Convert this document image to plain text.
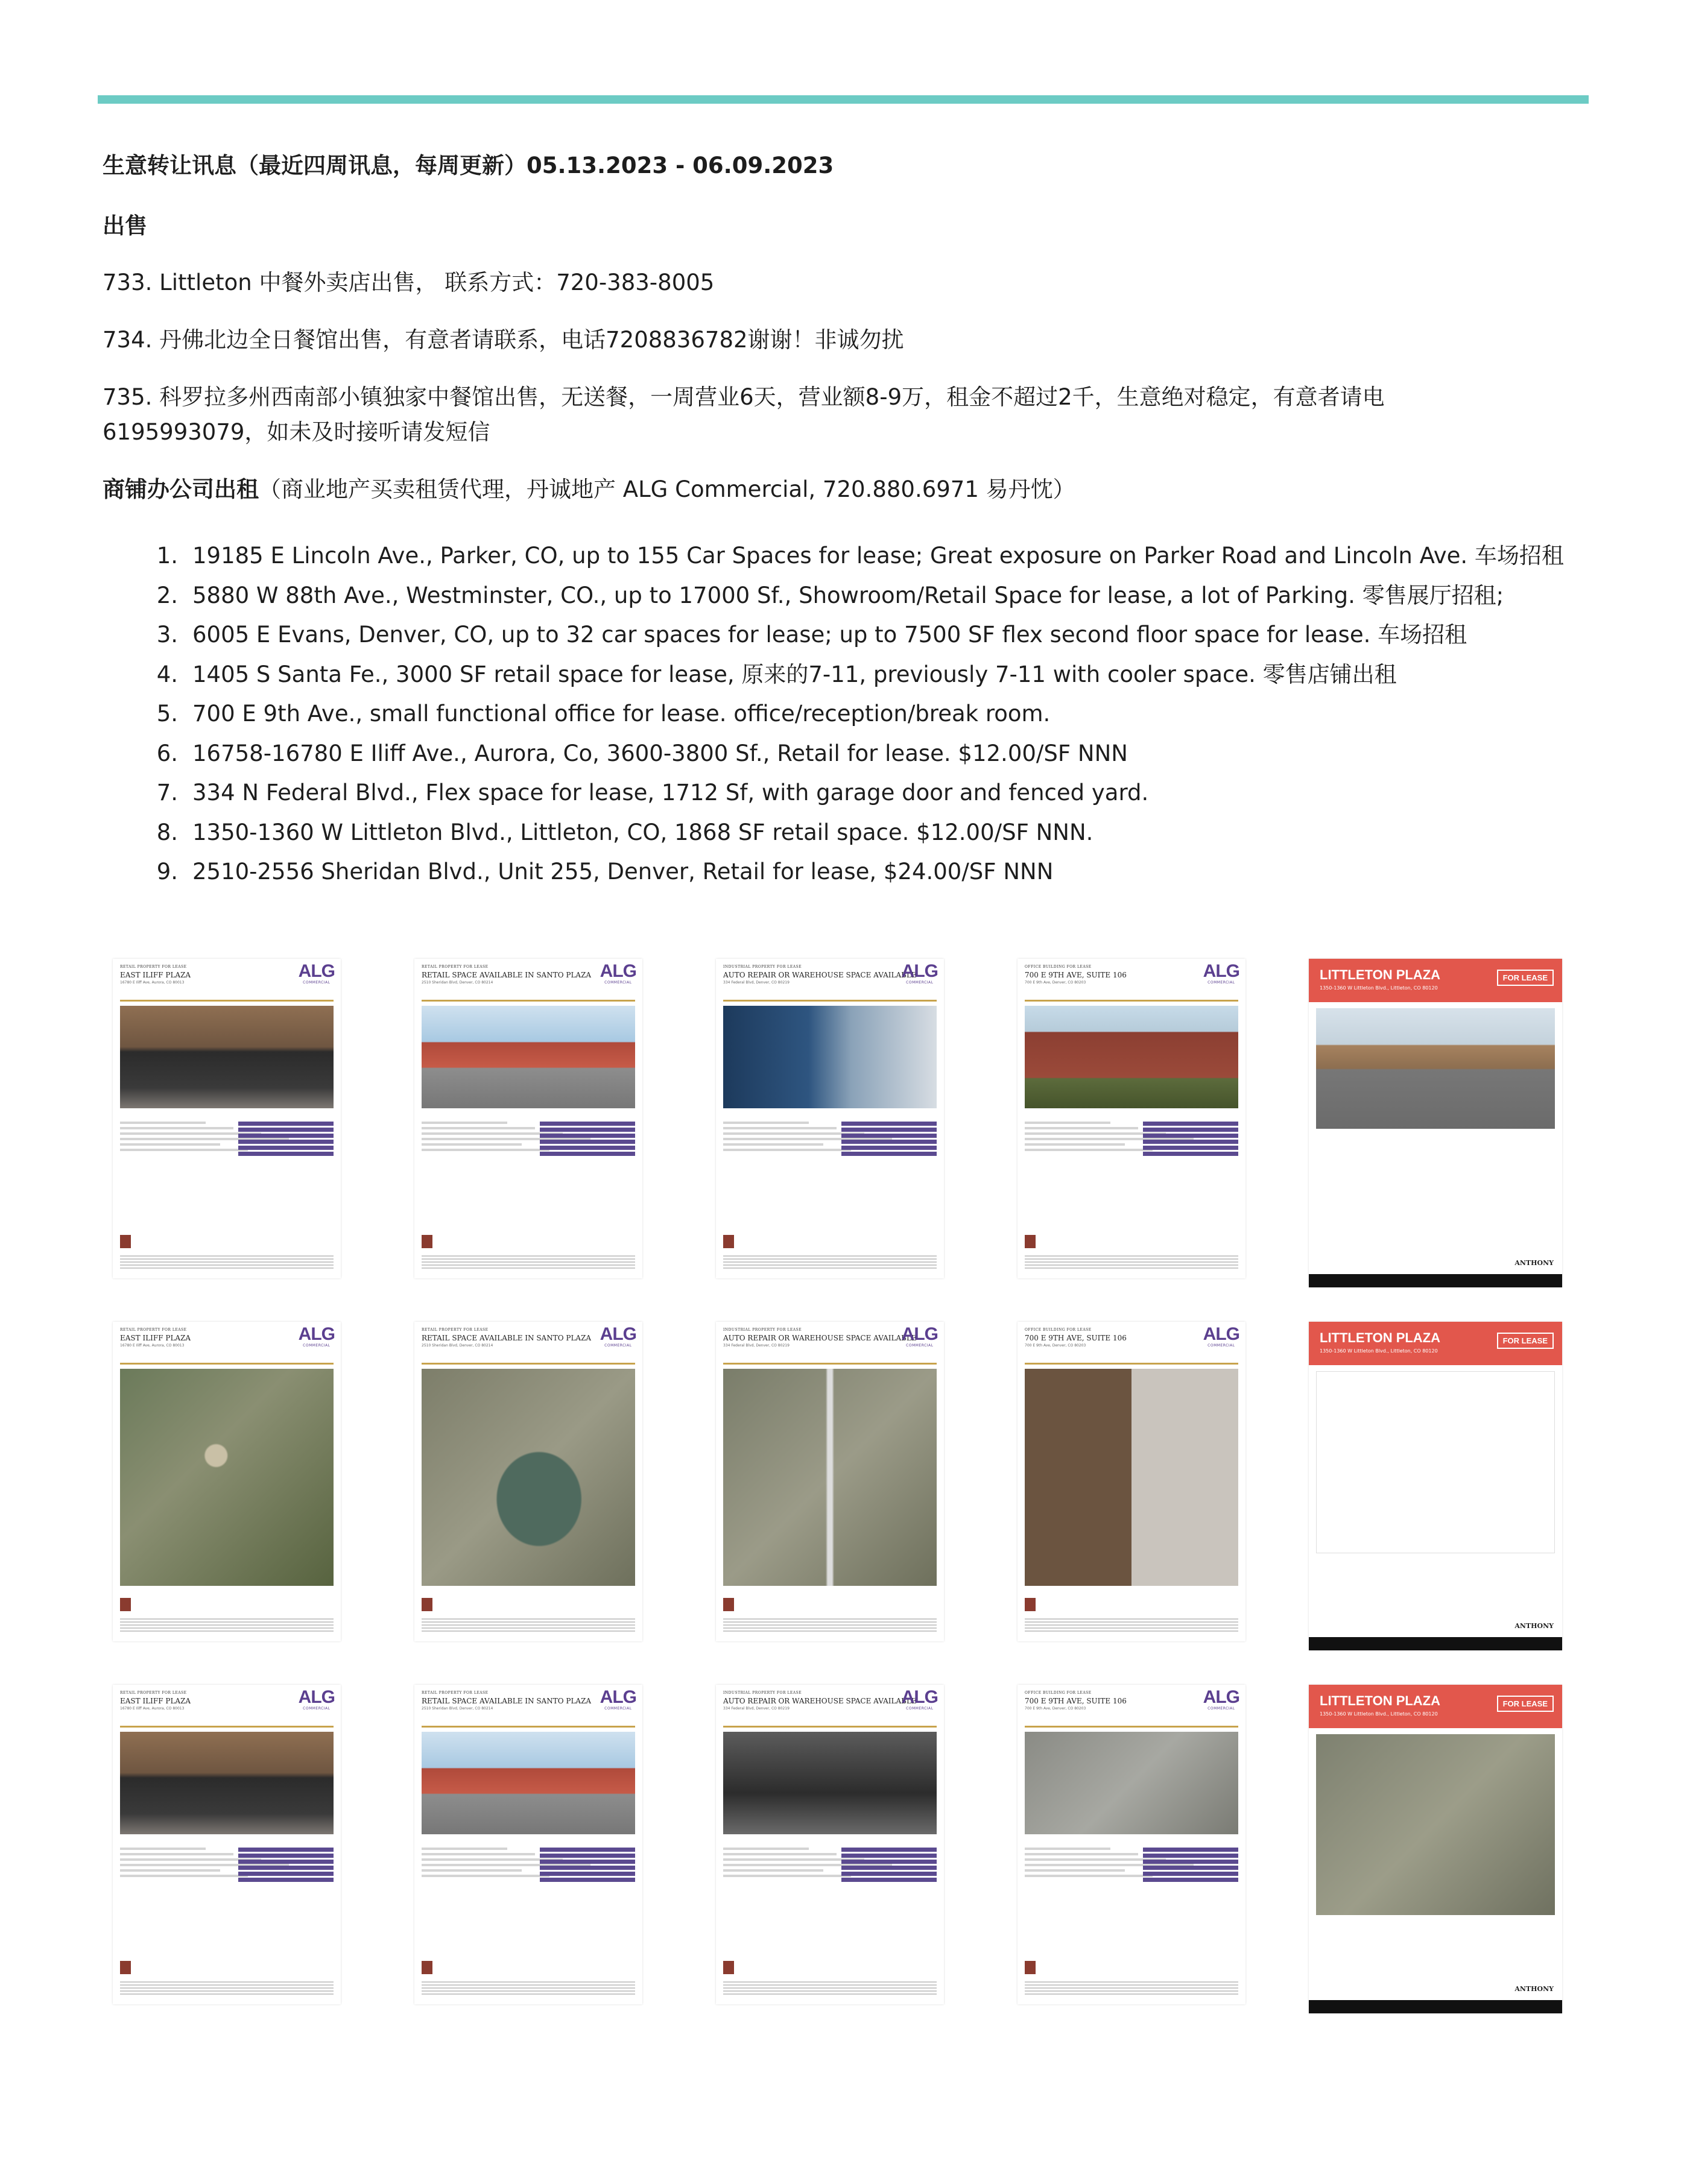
生意转让讯息（最近四周讯息，每周更新）05.13.2023 - 06.09.2023
出售
733. Littleton 中餐外卖店出售， 联系方式：720-383-8005
734. 丹佛北边全日餐馆出售，有意者请联系，电话7208836782谢谢！非诚勿扰
735. 科罗拉多州西南部小镇独家中餐馆出售，无送餐，一周营业6天，营业额8-9万，租金不超过2千，生意绝对稳定，有意者请电
6195993079，如未及时接听请发短信
商铺办公司出租（商业地产买卖租赁代理，丹诚地产 ALG Commercial, 720.880.6971 易丹忱）
1. 19185 E Lincoln Ave., Parker, CO, up to 155 Car Spaces for lease; Great exposure on Parker Road and Lincoln Ave. 车场招租
2. 5880 W 88th Ave., Westminster, CO., up to 17000 Sf., Showroom/Retail Space for lease, a lot of Parking. 零售展厅招租;
3. 6005 E Evans, Denver, CO, up to 32 car spaces for lease; up to 7500 SF flex second floor space for lease. 车场招租
4. 1405 S Santa Fe., 3000 SF retail space for lease, 原来的7-11, previously 7-11 with cooler space. 零售店铺出租
5. 700 E 9th Ave., small functional office for lease. office/reception/break room.
6. 16758-16780 E Iliff Ave., Aurora, Co, 3600-3800 Sf., Retail for lease. $12.00/SF NNN
7. 334 N Federal Blvd., Flex space for lease, 1712 Sf, with garage door and fenced yard.
8. 1350-1360 W Littleton Blvd., Littleton, CO, 1868 SF retail space. $12.00/SF NNN.
9. 2510-2556 Sheridan Blvd., Unit 255, Denver, Retail for lease, $24.00/SF NNN
RETAIL PROPERTY FOR LEASE
EAST ILIFF PLAZA
16780 E Iliff Ave, Aurora, CO 80013
ALG
COMMERCIAL
RETAIL PROPERTY FOR LEASE
RETAIL SPACE AVAILABLE IN SANTO PLAZA
2510 Sheridan Blvd, Denver, CO 80214
ALG
COMMERCIAL
INDUSTRIAL PROPERTY FOR LEASE
AUTO REPAIR OR WAREHOUSE SPACE AVAILABLE
334 Federal Blvd, Denver, CO 80219
ALG
COMMERCIAL
OFFICE BUILDING FOR LEASE
700 E 9TH AVE, SUITE 106
700 E 9th Ave, Denver, CO 80203
ALG
COMMERCIAL
LITTLETON PLAZA
1350-1360 W Littleton Blvd., Littleton, CO 80120
FOR LEASE
ANTHONY
RETAIL PROPERTY FOR LEASE
EAST ILIFF PLAZA
16780 E Iliff Ave, Aurora, CO 80013
ALG
COMMERCIAL
RETAIL PROPERTY FOR LEASE
RETAIL SPACE AVAILABLE IN SANTO PLAZA
2510 Sheridan Blvd, Denver, CO 80214
ALG
COMMERCIAL
INDUSTRIAL PROPERTY FOR LEASE
AUTO REPAIR OR WAREHOUSE SPACE AVAILABLE
334 Federal Blvd, Denver, CO 80219
ALG
COMMERCIAL
OFFICE BUILDING FOR LEASE
700 E 9TH AVE, SUITE 106
700 E 9th Ave, Denver, CO 80203
ALG
COMMERCIAL
LITTLETON PLAZA
1350-1360 W Littleton Blvd., Littleton, CO 80120
FOR LEASE
ANTHONY
RETAIL PROPERTY FOR LEASE
EAST ILIFF PLAZA
16780 E Iliff Ave, Aurora, CO 80013
ALG
COMMERCIAL
RETAIL PROPERTY FOR LEASE
RETAIL SPACE AVAILABLE IN SANTO PLAZA
2510 Sheridan Blvd, Denver, CO 80214
ALG
COMMERCIAL
INDUSTRIAL PROPERTY FOR LEASE
AUTO REPAIR OR WAREHOUSE SPACE AVAILABLE
334 Federal Blvd, Denver, CO 80219
ALG
COMMERCIAL
OFFICE BUILDING FOR LEASE
700 E 9TH AVE, SUITE 106
700 E 9th Ave, Denver, CO 80203
ALG
COMMERCIAL
LITTLETON PLAZA
1350-1360 W Littleton Blvd., Littleton, CO 80120
FOR LEASE
ANTHONY
